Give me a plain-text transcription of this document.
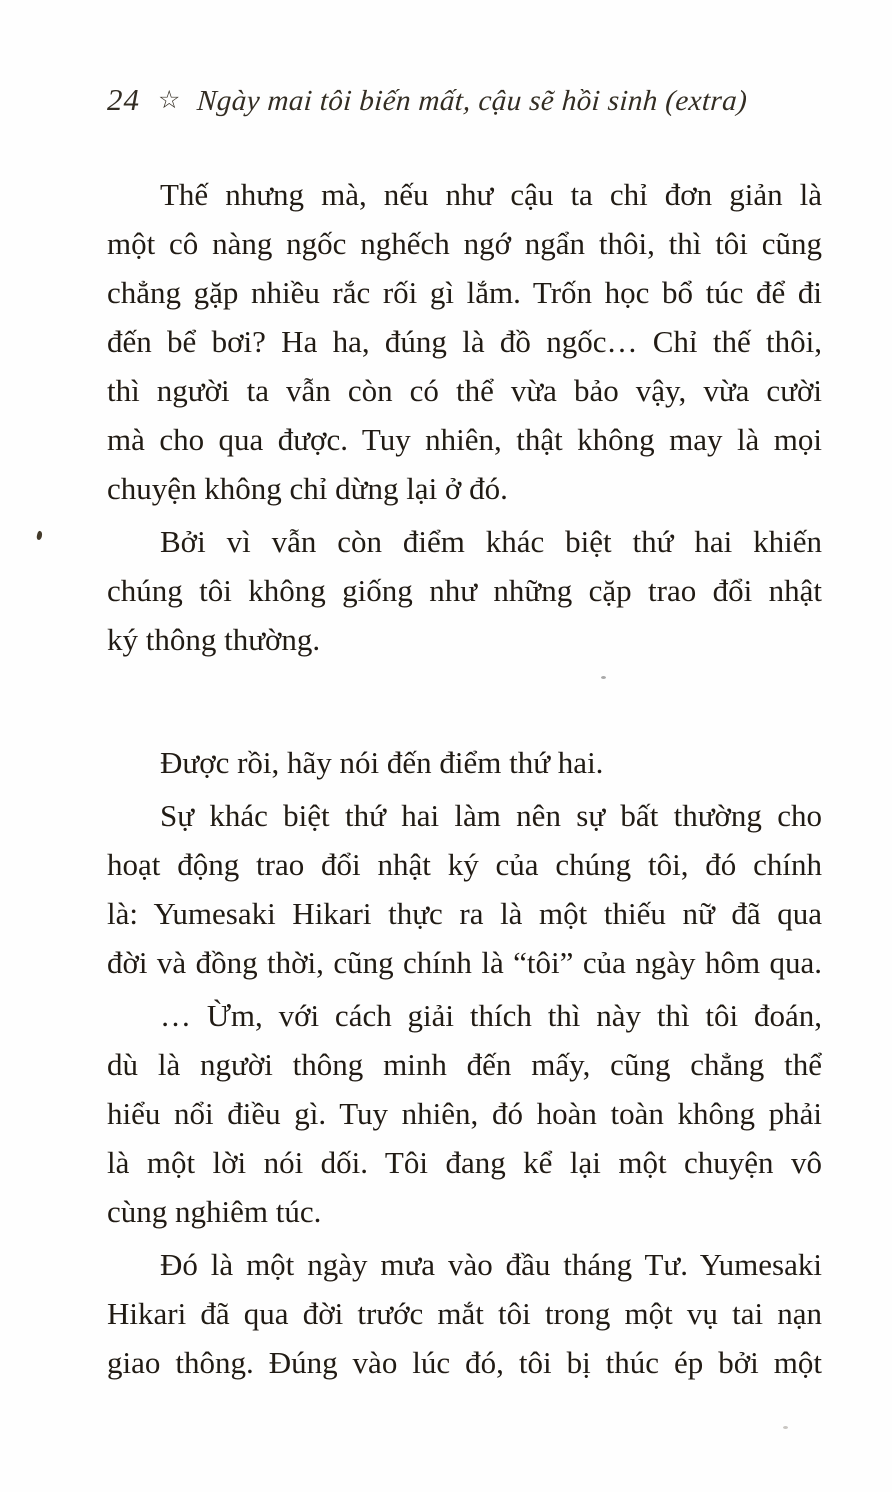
24 ☆ Ngày mai tôi biến mất, cậu sẽ hồi sinh (extra)
Thế nhưng mà, nếu như cậu ta chỉ đơn giản là
một cô nàng ngốc nghếch ngớ ngẩn thôi, thì tôi cũng
chẳng gặp nhiều rắc rối gì lắm. Trốn học bổ túc để đi
đến bể bơi? Ha ha, đúng là đồ ngốc… Chỉ thế thôi,
thì người ta vẫn còn có thể vừa bảo vậy, vừa cười
mà cho qua được. Tuy nhiên, thật không may là mọi
chuyện không chỉ dừng lại ở đó.
Bởi vì vẫn còn điểm khác biệt thứ hai khiến
chúng tôi không giống như những cặp trao đổi nhật
ký thông thường.
Được rồi, hãy nói đến điểm thứ hai.
Sự khác biệt thứ hai làm nên sự bất thường cho
hoạt động trao đổi nhật ký của chúng tôi, đó chính
là: Yumesaki Hikari thực ra là một thiếu nữ đã qua
đời và đồng thời, cũng chính là “tôi” của ngày hôm qua.
… Ừm, với cách giải thích thì này thì tôi đoán,
dù là người thông minh đến mấy, cũng chẳng thể
hiểu nổi điều gì. Tuy nhiên, đó hoàn toàn không phải
là một lời nói dối. Tôi đang kể lại một chuyện vô
cùng nghiêm túc.
Đó là một ngày mưa vào đầu tháng Tư. Yumesaki
Hikari đã qua đời trước mắt tôi trong một vụ tai nạn
giao thông. Đúng vào lúc đó, tôi bị thúc ép bởi một
